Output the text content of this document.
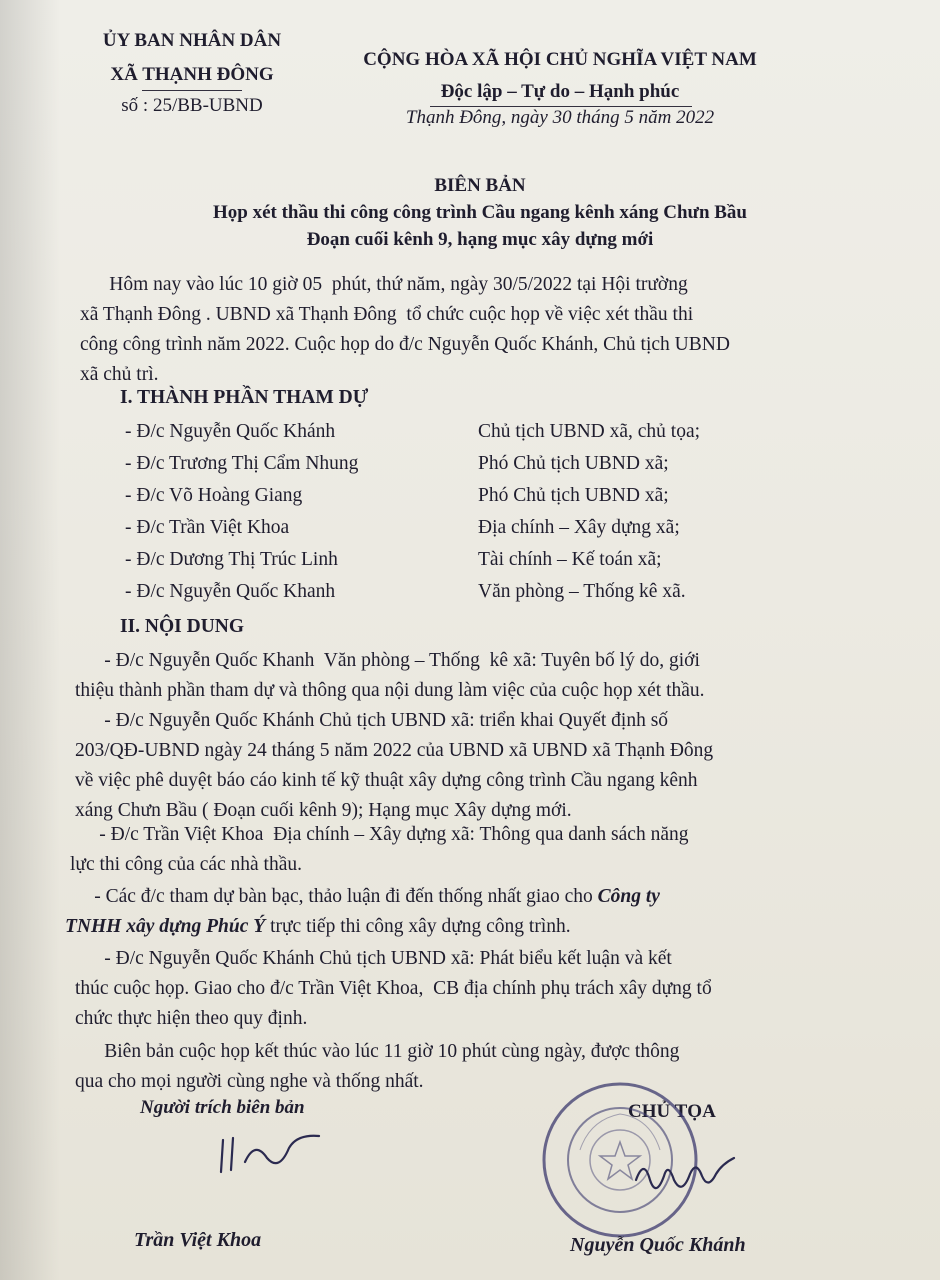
ỦY BAN NHÂN DÂN
XÃ THẠNH ĐÔNG
số : 25/BB-UBND
CỘNG HÒA XÃ HỘI CHỦ NGHĨA VIỆT NAM
Độc lập – Tự do – Hạnh phúc
Thạnh Đông, ngày 30 tháng 5 năm 2022
BIÊN BẢN
Họp xét thầu thi công công trình Cầu ngang kênh xáng Chưn Bầu
Đoạn cuối kênh 9, hạng mục xây dựng mới
Hôm nay vào lúc 10 giờ 05  phút, thứ năm, ngày 30/5/2022 tại Hội trường
xã Thạnh Đông . UBND xã Thạnh Đông  tổ chức cuộc họp về việc xét thầu thi
công công trình năm 2022. Cuộc họp do đ/c Nguyễn Quốc Khánh, Chủ tịch UBND
xã chủ trì.
I. THÀNH PHẦN THAM DỰ
- Đ/c Nguyễn Quốc Khánh	Chủ tịch UBND xã, chủ tọa;
- Đ/c Trương Thị Cẩm Nhung	Phó Chủ tịch UBND xã;
- Đ/c Võ Hoàng Giang	Phó Chủ tịch UBND xã;
- Đ/c Trần Việt Khoa	Địa chính – Xây dựng xã;
- Đ/c Dương Thị Trúc Linh	Tài chính – Kế toán xã;
- Đ/c Nguyễn Quốc Khanh	Văn phòng – Thống kê xã.
II. NỘI DUNG
- Đ/c Nguyễn Quốc Khanh  Văn phòng – Thống  kê xã: Tuyên bố lý do, giới
thiệu thành phần tham dự và thông qua nội dung làm việc của cuộc họp xét thầu.
- Đ/c Nguyễn Quốc Khánh Chủ tịch UBND xã: triển khai Quyết định số
203/QĐ-UBND ngày 24 tháng 5 năm 2022 của UBND xã UBND xã Thạnh Đông
về việc phê duyệt báo cáo kinh tế kỹ thuật xây dựng công trình Cầu ngang kênh
xáng Chưn Bầu ( Đoạn cuối kênh 9); Hạng mục Xây dựng mới.
- Đ/c Trần Việt Khoa  Địa chính – Xây dựng xã: Thông qua danh sách năng
lực thi công của các nhà thầu.
- Các đ/c tham dự bàn bạc, thảo luận đi đến thống nhất giao cho Công ty
TNHH xây dựng Phúc Ý trực tiếp thi công xây dựng công trình.
- Đ/c Nguyễn Quốc Khánh Chủ tịch UBND xã: Phát biểu kết luận và kết
thúc cuộc họp. Giao cho đ/c Trần Việt Khoa,  CB địa chính phụ trách xây dựng tổ
chức thực hiện theo quy định.
Biên bản cuộc họp kết thúc vào lúc 11 giờ 10 phút cùng ngày, được thông
qua cho mọi người cùng nghe và thống nhất.
Người trích biên bản	CHỦ TỌA
Trần Việt Khoa	Nguyễn Quốc Khánh
